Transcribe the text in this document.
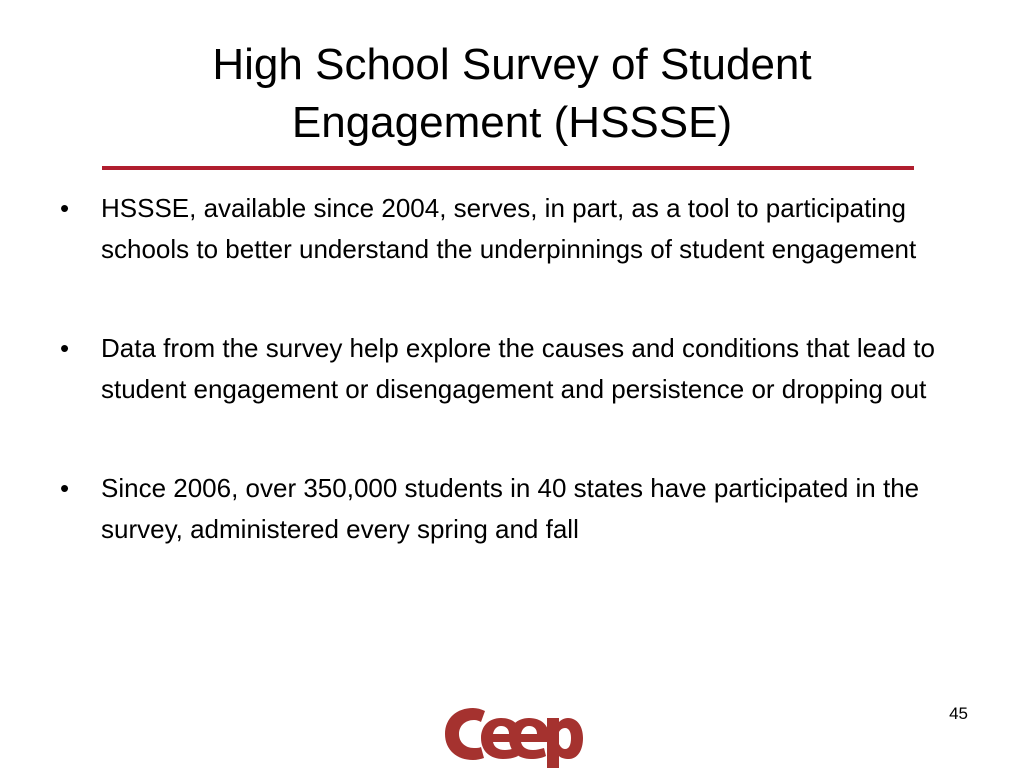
High School Survey of Student
Engagement (HSSSE)
•	HSSSE, available since 2004, serves, in part, as a tool to participating schools to better understand the underpinnings of student engagement
•	Data from the survey help explore the causes and conditions that lead to student engagement or disengagement and persistence or dropping out
•	Since 2006, over 350,000 students in 40 states have participated in the survey, administered every spring and fall
45
